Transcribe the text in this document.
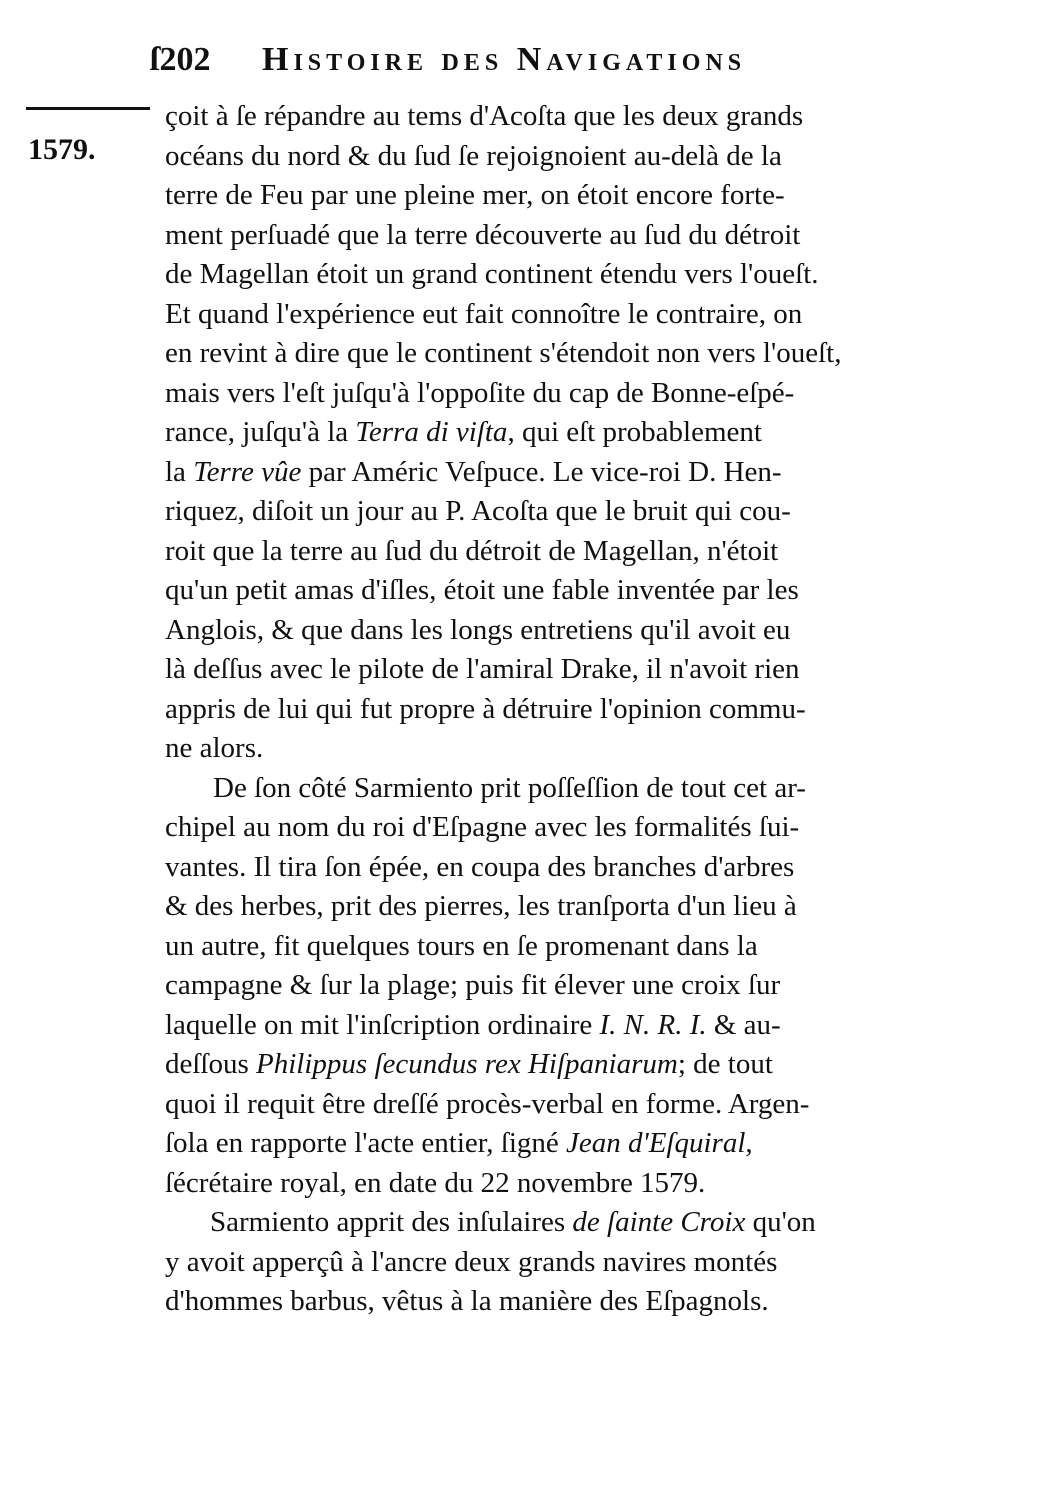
ſ202 Histoire des Navigations
1579.
çoit à ſe répandre au tems d'Acoſta que les deux grands
océans du nord & du ſud ſe rejoignoient au-delà de la
terre de Feu par une pleine mer, on étoit encore forte-
ment perſuadé que la terre découverte au ſud du détroit
de Magellan étoit un grand continent étendu vers l'oueſt.
Et quand l'expérience eut fait connoître le contraire, on
en revint à dire que le continent s'étendoit non vers l'oueſt,
mais vers l'eſt juſqu'à l'oppoſite du cap de Bonne-eſpé-
rance, juſqu'à la Terra di viſta, qui eſt probablement
la Terre vûe par Améric Veſpuce. Le vice-roi D. Hen-
riquez, diſoit un jour au P. Acoſta que le bruit qui cou-
roit que la terre au ſud du détroit de Magellan, n'étoit
qu'un petit amas d'iſles, étoit une fable inventée par les
Anglois, & que dans les longs entretiens qu'il avoit eu
là deſſus avec le pilote de l'amiral Drake, il n'avoit rien
appris de lui qui fut propre à détruire l'opinion commu-
ne alors.
De ſon côté Sarmiento prit poſſeſſion de tout cet ar-
chipel au nom du roi d'Eſpagne avec les formalités ſui-
vantes. Il tira ſon épée, en coupa des branches d'arbres
& des herbes, prit des pierres, les tranſporta d'un lieu à
un autre, fit quelques tours en ſe promenant dans la
campagne & ſur la plage; puis fit élever une croix ſur
laquelle on mit l'inſcription ordinaire I. N. R. I. & au-
deſſous Philippus ſecundus rex Hiſpaniarum; de tout
quoi il requit être dreſſé procès-verbal en forme. Argen-
ſola en rapporte l'acte entier, ſigné Jean d'Eſquiral,
ſécrétaire royal, en date du 22 novembre 1579.
Sarmiento apprit des inſulaires de ſainte Croix qu'on
y avoit apperçû à l'ancre deux grands navires montés
d'hommes barbus, vêtus à la manière des Eſpagnols.
